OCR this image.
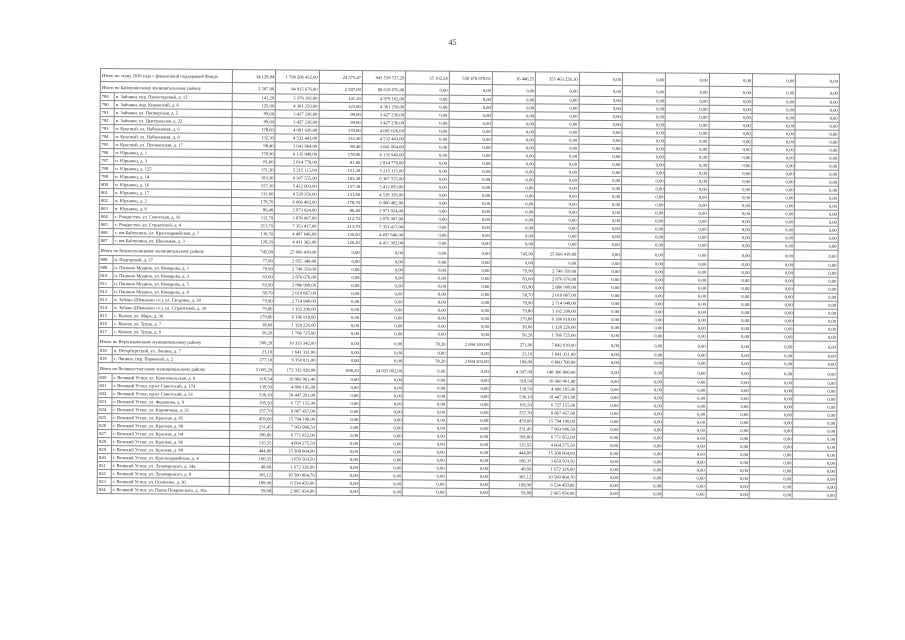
45
Итого по этапу 2016 года с финансовой поддержкой Фонда		34 128,94	1 799 206 432,60	24 575,47	943 539 727,29	35 102,24	558 470 670,61	16 446,55	355 463 226,30	0,00	0,00	0,00	0,00	0,00	0,00
Итого по Байчунинскому муниципальному району		2 587,00	94 815 676,00	2 587,00	88 618 676,00	0,00	0,00	0,00	0,00	0,00	0,00	0,00	0,00	0,00	0,00
789	п. Зайчики, пер. Пролетарский, д. 12	141,20	5 379 102,00	141,20	4 979 102,00	0,00	0,00	0,00	0,00	0,00	0,00	0,00	0,00	0,00	0,00
790	п. Зайчики, пер. Кировский, д. 6	125,00	4 361 250,00	125,00	4 361 250,00	0,00	0,00	0,00	0,00	0,00	0,00	0,00	0,00	0,00	0,00
791	п. Зайчики, ул. Пионерская, д. 5	99,60	3 427 236,00	99,60	3 427 236,00	0,00	0,00	0,00	0,00	0,00	0,00	0,00	0,00	0,00	0,00
792	п. Зайчики, ул. Центральная, д. 22	99,60	3 427 236,00	99,60	3 427 236,00	0,00	0,00	0,00	0,00	0,00	0,00	0,00	0,00	0,00	0,00
793	п. Красный, ул. Набережная, д. 6	178,60	4 081 626,00	178,60	4 081 626,00	0,00	0,00	0,00	0,00	0,00	0,00	0,00	0,00	0,00	0,00
794	п. Красный, ул. Набережная, д. 8	132,30	4 532 443,00	132,30	4 532 443,00	0,00	0,00	0,00	0,00	0,00	0,00	0,00	0,00	0,00	0,00
795	п. Красный, ул. Пушкинская, д. 17	98,40	3 041 864,00	98,40	3 041 864,00	0,00	0,00	0,00	0,00	0,00	0,00	0,00	0,00	0,00	0,00
796	п. Юрьевец, д. 1	178,90	6 135 949,00	178,90	6 135 949,00	0,00	0,00	0,00	0,00	0,00	0,00	0,00	0,00	0,00	0,00
797	п. Юрьевец, д. 3	81,80	2 814 778,00	81,80	2 814 778,00	0,00	0,00	0,00	0,00	0,00	0,00	0,00	0,00	0,00	0,00
798	п. Юрьевец, д. 125	151,30	5 215 115,00	151,30	5 215 115,00	0,00	0,00	0,00	0,00	0,00	0,00	0,00	0,00	0,00	0,00
799	п. Юрьевец, д. 14	183,30	6 307 555,00	183,30	6 307 555,00	0,00	0,00	0,00	0,00	0,00	0,00	0,00	0,00	0,00	0,00
800	п. Юрьевец, д. 16	157,30	5 412 693,00	157,30	5 412 693,00	0,00	0,00	0,00	0,00	0,00	0,00	0,00	0,00	0,00	0,00
801	п. Юрьевец, д. 17	131,60	4 528 356,00	131,60	4 528 356,00	0,00	0,00	0,00	0,00	0,00	0,00	0,00	0,00	0,00	0,00
802	п. Юрьевец, д. 2	178,70	6 066 482,00	178,70	6 066 482,00	0,00	0,00	0,00	0,00	0,00	0,00	0,00	0,00	0,00	0,00
803	п. Юрьевец, д. 8	86,40	2 973 024,00	86,40	2 973 024,00	0,00	0,00	0,00	0,00	0,00	0,00	0,00	0,00	0,00	0,00
804	с. Рождество, ул. Советская, д. 16	112,70	3 878 007,00	112,70	3 878 007,00	0,00	0,00	0,00	0,00	0,00	0,00	0,00	0,00	0,00	0,00
805	с. Рождество, ул. Строителей, д. 4	213,70	7 353 417,00	213,70	7 353 417,00	0,00	0,00	0,00	0,00	0,00	0,00	0,00	0,00	0,00	0,00
806	с. им.Байчунина, ул. Красноармейская, д. 7	130,50	4 497 646,00	130,50	4 497 646,00	0,00	0,00	0,00	0,00	0,00	0,00	0,00	0,00	0,00	0,00
807	с. им.Байчунина, ул. Школьная, д. 3	128,20	4 411 362,00	128,20	4 411 362,00	0,00	0,00	0,00	0,00	0,00	0,00	0,00	0,00	0,00	0,00
Итого по Белохолуницкому муниципальному району		745,90	25 666 419,00	0,00	0,00	0,00	0,00	745,90	25 666 419,00	0,00	0,00	0,00	0,00	0,00	0,00
808	п. Подгорный, д. 27	77,80	2 955 348,00	0,00	0,00	0,00	0,00	0,00	0,00	0,00	0,00	0,00	0,00	0,00	0,00
809	п. Пашино Модино, ул. Комарова, д. 1	79,90	2 749 359,00	0,00	0,00	0,00	0,00	79,90	2 749 359,00	0,00	0,00	0,00	0,00	0,00	0,00
810	п. Пашино Модино, ул. Комарова, д. 3	83,60	2 876 676,00	0,00	0,00	0,00	0,00	83,60	2 876 676,00	0,00	0,00	0,00	0,00	0,00	0,00
811	п. Пашино Модино, ул. Комарова, д. 5	83,90	2 886 999,00	0,00	0,00	0,00	0,00	83,90	2 886 999,00	0,00	0,00	0,00	0,00	0,00	0,00
812	п. Пашино Модино, ул. Комарова, д. 8	58,70	2 019 867,00	0,00	0,00	0,00	0,00	58,70	2 019 867,00	0,00	0,00	0,00	0,00	0,00	0,00
813	п. Зубово (Шмыхово с/с), ул. Гагарина, д. 20	78,90	2 714 949,00	0,00	0,00	0,00	0,00	78,90	2 714 949,00	0,00	0,00	0,00	0,00	0,00	0,00
814	п. Зубово (Шмыхово с/с), ул. Строителей, д. 30	79,80	3 162 200,00	0,00	0,00	0,00	0,00	79,80	3 162 200,00	0,00	0,00	0,00	0,00	0,00	0,00
815	с. Кулеев, ул. Мира, д. 36	179,80	6 186 918,00	0,00	0,00	0,00	0,00	179,80	6 186 918,00	0,00	0,00	0,00	0,00	0,00	0,00
816	с. Кулеев, ул. Труда, д. 7	38,60	1 328 226,00	0,00	0,00	0,00	0,00	38,60	1 328 226,00	0,00	0,00	0,00	0,00	0,00	0,00
817	с. Кулеев, ул. Труда, д. 9	50,20	1 786 725,00	0,00	0,00	0,00	0,00	50,20	1 786 725,00	0,00	0,00	0,00	0,00	0,00	0,00
Итого по Верхнекамскому муниципальному району		506,20	10 335 342,00	0,00	0,00	78,20	2 694 303,00	271,90	7 842 039,00	0,00	0,00	0,00	0,00	0,00	0,00
818	п. Петербургский, ул. Ленина, д. 7	23,10	1 641 331,00	0,00	0,00	0,00	0,00	23,10	1 641 331,00	0,00	0,00	0,00	0,00	0,00	0,00
819	с. Лянино, пер. Парковый, д. 2	277,10	9 358 011,00	0,00	0,00	78,20	2 694 303,00	198,80	6 860 708,00	0,00	0,00	0,00	0,00	0,00	0,00
Итого по Великоустюгскому муниципальному району		5 005,29	172 332 028,90	698,20	24 025 062,00	0,00	0,00	4 307,09	148 306 966,90	0,00	0,00	0,00	0,00	0,00	0,00
820	г. Великий Устюг, ул. Комсомольская, д. 6	318,54	10 960 961,40	0,00	0,00	0,00	0,00	318,54	10 960 961,40	0,00	0,00	0,00	0,00	0,00	0,00
821	г. Великий Устюг, пр-кт Советский, д. 174	139,50	4 800 195,00	0,00	0,00	0,00	0,00	139,50	4 800 195,00	0,00	0,00	0,00	0,00	0,00	0,00
822	г. Великий Устюг, пр-кт Советский, д. 61	536,10	18 447 201,00	0,00	0,00	0,00	0,00	536,10	18 447 201,00	0,00	0,00	0,00	0,00	0,00	0,00
823	г. Великий Устюг, ул. Федонова, д. 9	195,50	6 727 155,00	0,00	0,00	0,00	0,00	195,50	6 727 155,00	0,00	0,00	0,00	0,00	0,00	0,00
824	г. Великий Устюг, ул. Кирпичная, д. 35	257,70	8 867 457,00	0,00	0,00	0,00	0,00	257,70	8 867 457,00	0,00	0,00	0,00	0,00	0,00	0,00
825	г. Великий Устюг, ул. Красная, д. 85	459,00	15 794 190,00	0,00	0,00	0,00	0,00	459,00	15 794 190,00	0,00	0,00	0,00	0,00	0,00	0,00
826	г. Великий Устюг, ул. Красная, д. 90	231,45	7 963 996,50	0,00	0,00	0,00	0,00	231,45	7 963 996,50	0,00	0,00	0,00	0,00	0,00	0,00
827	г. Великий Устюг, ул. Красная, д. 94	196,80	6 771 852,00	0,00	0,00	0,00	0,00	196,80	6 771 852,00	0,00	0,00	0,00	0,00	0,00	0,00
828	г. Великий Устюг, ул. Красная, д. 96	135,55	4 664 275,50	0,00	0,00	0,00	0,00	135,55	4 664 275,50	0,00	0,00	0,00	0,00	0,00	0,00
829	г. Великий Устюг, ул. Красная, д. 98	444,89	15 308 664,90	0,00	0,00	0,00	0,00	444,89	15 308 664,90	0,00	0,00	0,00	0,00	0,00	0,00
830	г. Великий Устюг, ул. Красноармейская, д. 4	106,35	3 659 503,50	0,00	0,00	0,00	0,00	106,35	3 659 503,50	0,00	0,00	0,00	0,00	0,00	0,00
831	г. Великий Устюг, ул. Луначарского, д. 34а	48,60	1 672 326,00	0,00	0,00	0,00	0,00	48,60	1 672 326,00	0,00	0,00	0,00	0,00	0,00	0,00
832	г. Великий Устюг, ул. Луначарского, д. 8	305,12	10 500 864,70	0,00	0,00	0,00	0,00	305,12	10 500 864,70	0,00	0,00	0,00	0,00	0,00	0,00
833	г. Великий Устюг, ул. Осипенко, д. 30	189,90	6 534 459,00	0,00	0,00	0,00	0,00	189,90	6 534 459,00	0,00	0,00	0,00	0,00	0,00	0,00
834	г. Великий Устюг, ул. Павла Покровского, д. 16а	59,88	2 065 954,00	0,00	0,00	0,00	0,00	59,88	2 065 954,00	0,00	0,00	0,00	0,00	0,00	0,00
